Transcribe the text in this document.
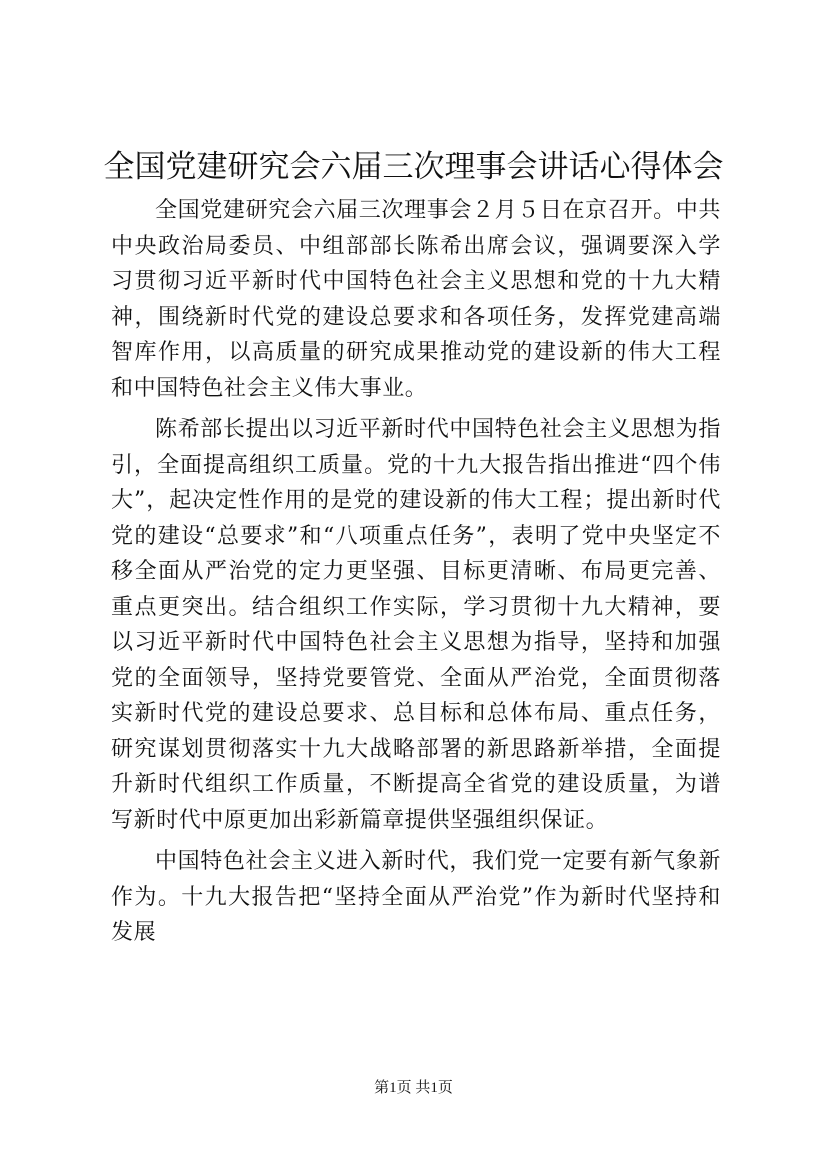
全国党建研究会六届三次理事会讲话心得体会

全国党建研究会六届三次理事会２月５日在京召开。中共中央政治局委员、中组部部长陈希出席会议，强调要深入学习贯彻习近平新时代中国特色社会主义思想和党的十九大精神，围绕新时代党的建设总要求和各项任务，发挥党建高端智库作用，以高质量的研究成果推动党的建设新的伟大工程和中国特色社会主义伟大事业。

陈希部长提出以习近平新时代中国特色社会主义思想为指引，全面提高组织工质量。党的十九大报告指出推进“四个伟大”，起决定性作用的是党的建设新的伟大工程；提出新时代党的建设“总要求”和“八项重点任务”，表明了党中央坚定不移全面从严治党的定力更坚强、目标更清晰、布局更完善、重点更突出。结合组织工作实际，学习贯彻十九大精神，要以习近平新时代中国特色社会主义思想为指导，坚持和加强党的全面领导，坚持党要管党、全面从严治党，全面贯彻落实新时代党的建设总要求、总目标和总体布局、重点任务，研究谋划贯彻落实十九大战略部署的新思路新举措，全面提升新时代组织工作质量，不断提高全省党的建设质量，为谱写新时代中原更加出彩新篇章提供坚强组织保证。

中国特色社会主义进入新时代，我们党一定要有新气象新作为。十九大报告把“坚持全面从严治党”作为新时代坚持和发展

第1页 共1页
